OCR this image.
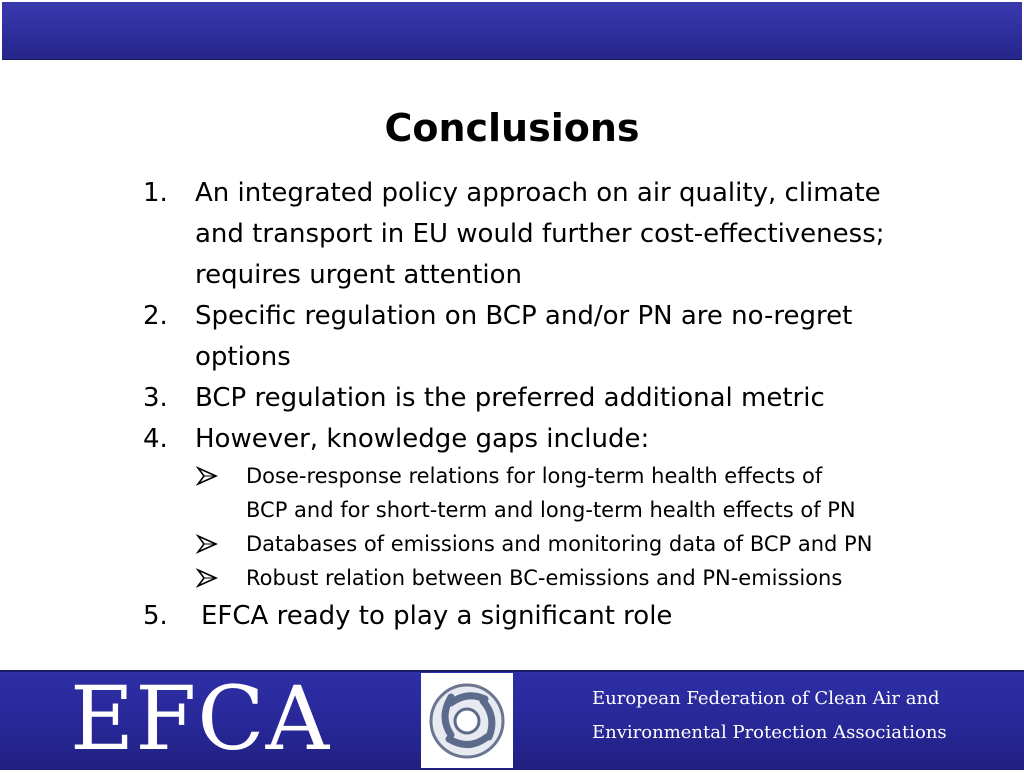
Conclusions
1. An integrated policy approach on air quality, climate
and transport in EU would further cost-effectiveness;
requires urgent attention
2. Specific regulation on BCP and/or PN are no-regret
options
3. BCP regulation is the preferred additional metric
4. However, knowledge gaps include:
Dose-response relations for long-term health effects of
BCP and for short-term and long-term health effects of PN
Databases of emissions and monitoring data of BCP and PN
Robust relation between BC-emissions and PN-emissions
5. EFCA ready to play a significant role
EFCA	European Federation of Clean Air and
Environmental Protection Associations
